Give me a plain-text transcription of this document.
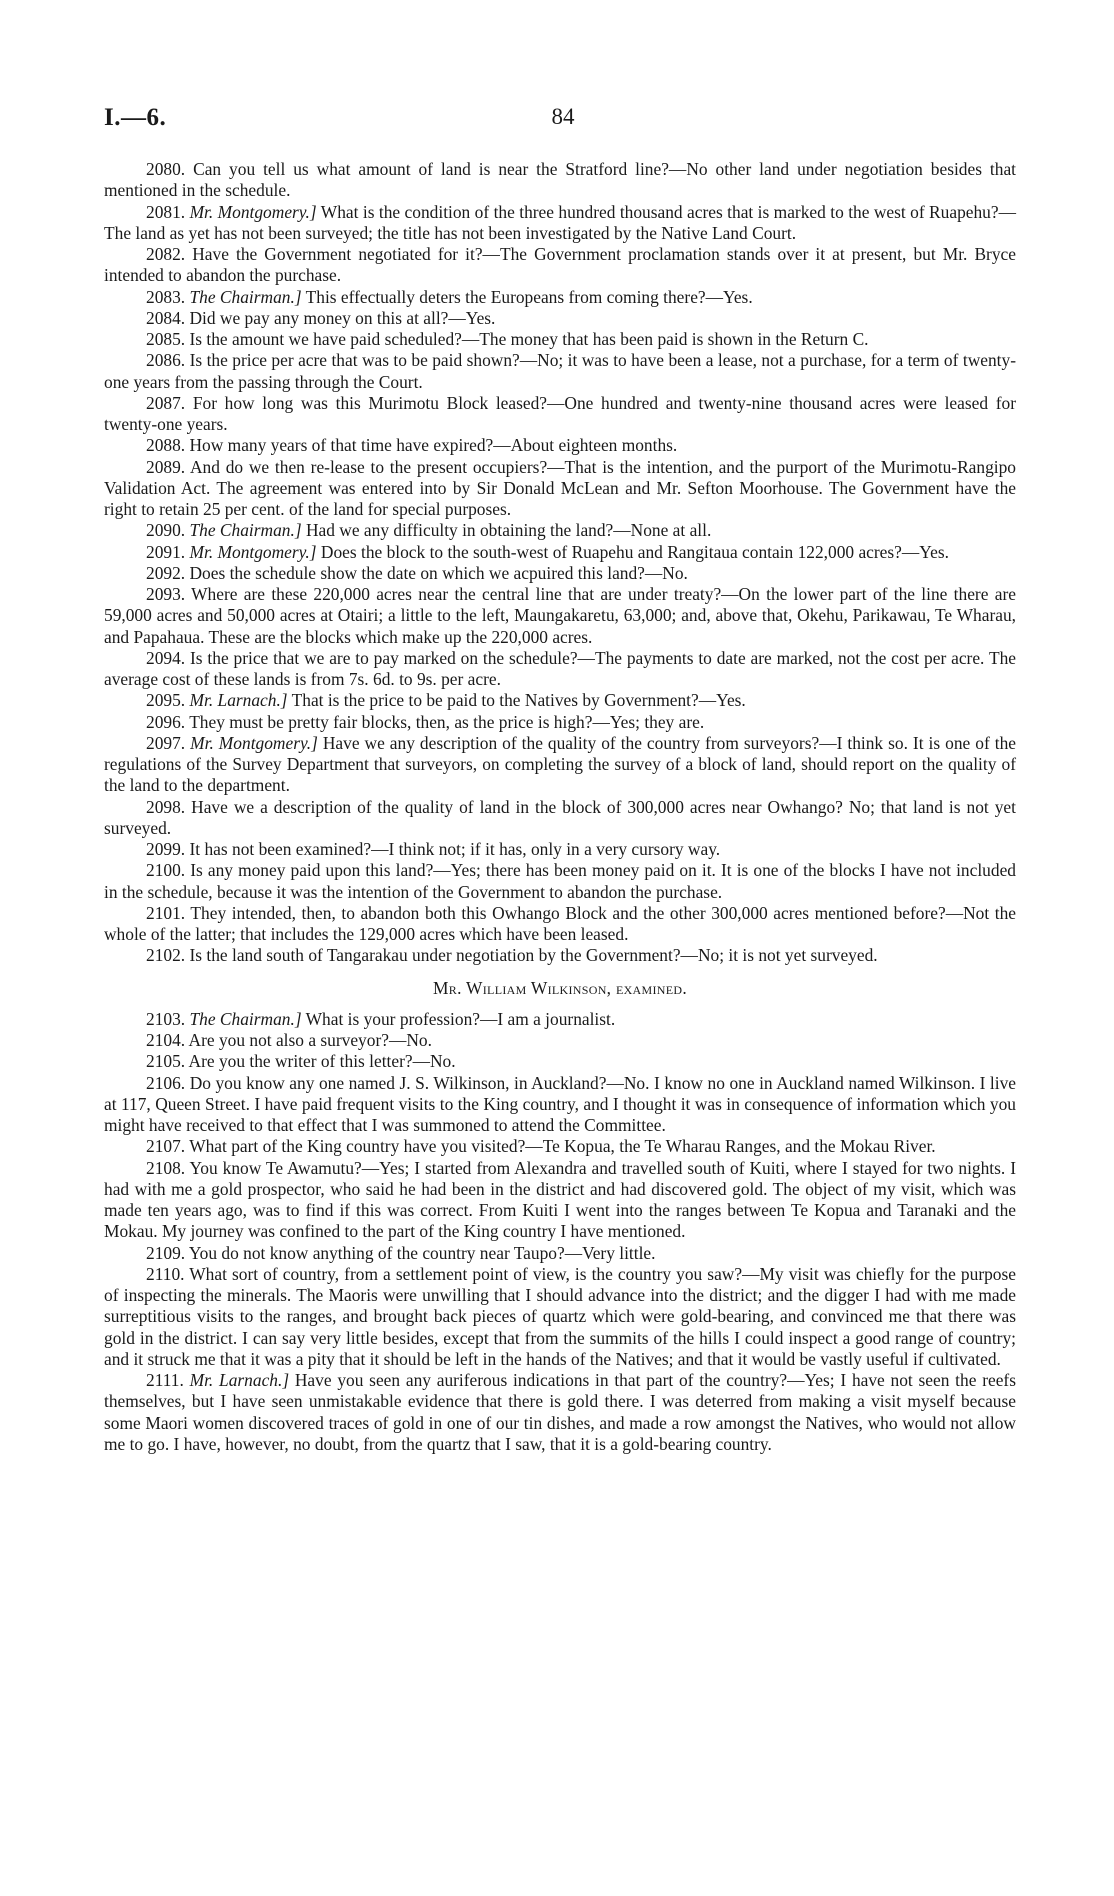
I.—6.	84

2080. Can you tell us what amount of land is near the Stratford line?—No other land under negotiation besides that mentioned in the schedule.

2081. Mr. Montgomery.] What is the condition of the three hundred thousand acres that is marked to the west of Ruapehu?—The land as yet has not been surveyed; the title has not been investigated by the Native Land Court.

2082. Have the Government negotiated for it?—The Government proclamation stands over it at present, but Mr. Bryce intended to abandon the purchase.

2083. The Chairman.] This effectually deters the Europeans from coming there?—Yes.

2084. Did we pay any money on this at all?—Yes.

2085. Is the amount we have paid scheduled?—The money that has been paid is shown in the Return C.

2086. Is the price per acre that was to be paid shown?—No; it was to have been a lease, not a purchase, for a term of twenty-one years from the passing through the Court.

2087. For how long was this Murimotu Block leased?—One hundred and twenty-nine thousand acres were leased for twenty-one years.

2088. How many years of that time have expired?—About eighteen months.

2089. And do we then re-lease to the present occupiers?—That is the intention, and the purport of the Murimotu-Rangipo Validation Act. The agreement was entered into by Sir Donald McLean and Mr. Sefton Moorhouse. The Government have the right to retain 25 per cent. of the land for special purposes.

2090. The Chairman.] Had we any difficulty in obtaining the land?—None at all.

2091. Mr. Montgomery.] Does the block to the south-west of Ruapehu and Rangitaua contain 122,000 acres?—Yes.

2092. Does the schedule show the date on which we acpuired this land?—No.

2093. Where are these 220,000 acres near the central line that are under treaty?—On the lower part of the line there are 59,000 acres and 50,000 acres at Otairi; a little to the left, Maungakaretu, 63,000; and, above that, Okehu, Parikawau, Te Wharau, and Papahaua. These are the blocks which make up the 220,000 acres.

2094. Is the price that we are to pay marked on the schedule?—The payments to date are marked, not the cost per acre. The average cost of these lands is from 7s. 6d. to 9s. per acre.

2095. Mr. Larnach.] That is the price to be paid to the Natives by Government?—Yes.

2096. They must be pretty fair blocks, then, as the price is high?—Yes; they are.

2097. Mr. Montgomery.] Have we any description of the quality of the country from surveyors?—I think so. It is one of the regulations of the Survey Department that surveyors, on completing the survey of a block of land, should report on the quality of the land to the department.

2098. Have we a description of the quality of land in the block of 300,000 acres near Owhango? No; that land is not yet surveyed.

2099. It has not been examined?—I think not; if it has, only in a very cursory way.

2100. Is any money paid upon this land?—Yes; there has been money paid on it. It is one of the blocks I have not included in the schedule, because it was the intention of the Government to abandon the purchase.

2101. They intended, then, to abandon both this Owhango Block and the other 300,000 acres mentioned before?—Not the whole of the latter; that includes the 129,000 acres which have been leased.

2102. Is the land south of Tangarakau under negotiation by the Government?—No; it is not yet surveyed.

Mr. William Wilkinson, examined.

2103. The Chairman.] What is your profession?—I am a journalist.

2104. Are you not also a surveyor?—No.

2105. Are you the writer of this letter?—No.

2106. Do you know any one named J. S. Wilkinson, in Auckland?—No. I know no one in Auckland named Wilkinson. I live at 117, Queen Street. I have paid frequent visits to the King country, and I thought it was in consequence of information which you might have received to that effect that I was summoned to attend the Committee.

2107. What part of the King country have you visited?—Te Kopua, the Te Wharau Ranges, and the Mokau River.

2108. You know Te Awamutu?—Yes; I started from Alexandra and travelled south of Kuiti, where I stayed for two nights. I had with me a gold prospector, who said he had been in the district and had discovered gold. The object of my visit, which was made ten years ago, was to find if this was correct. From Kuiti I went into the ranges between Te Kopua and Taranaki and the Mokau. My journey was confined to the part of the King country I have mentioned.

2109. You do not know anything of the country near Taupo?—Very little.

2110. What sort of country, from a settlement point of view, is the country you saw?—My visit was chiefly for the purpose of inspecting the minerals. The Maoris were unwilling that I should advance into the district; and the digger I had with me made surreptitious visits to the ranges, and brought back pieces of quartz which were gold-bearing, and convinced me that there was gold in the district. I can say very little besides, except that from the summits of the hills I could inspect a good range of country; and it struck me that it was a pity that it should be left in the hands of the Natives; and that it would be vastly useful if cultivated.

2111. Mr. Larnach.] Have you seen any auriferous indications in that part of the country?—Yes; I have not seen the reefs themselves, but I have seen unmistakable evidence that there is gold there. I was deterred from making a visit myself because some Maori women discovered traces of gold in one of our tin dishes, and made a row amongst the Natives, who would not allow me to go. I have, however, no doubt, from the quartz that I saw, that it is a gold-bearing country.
